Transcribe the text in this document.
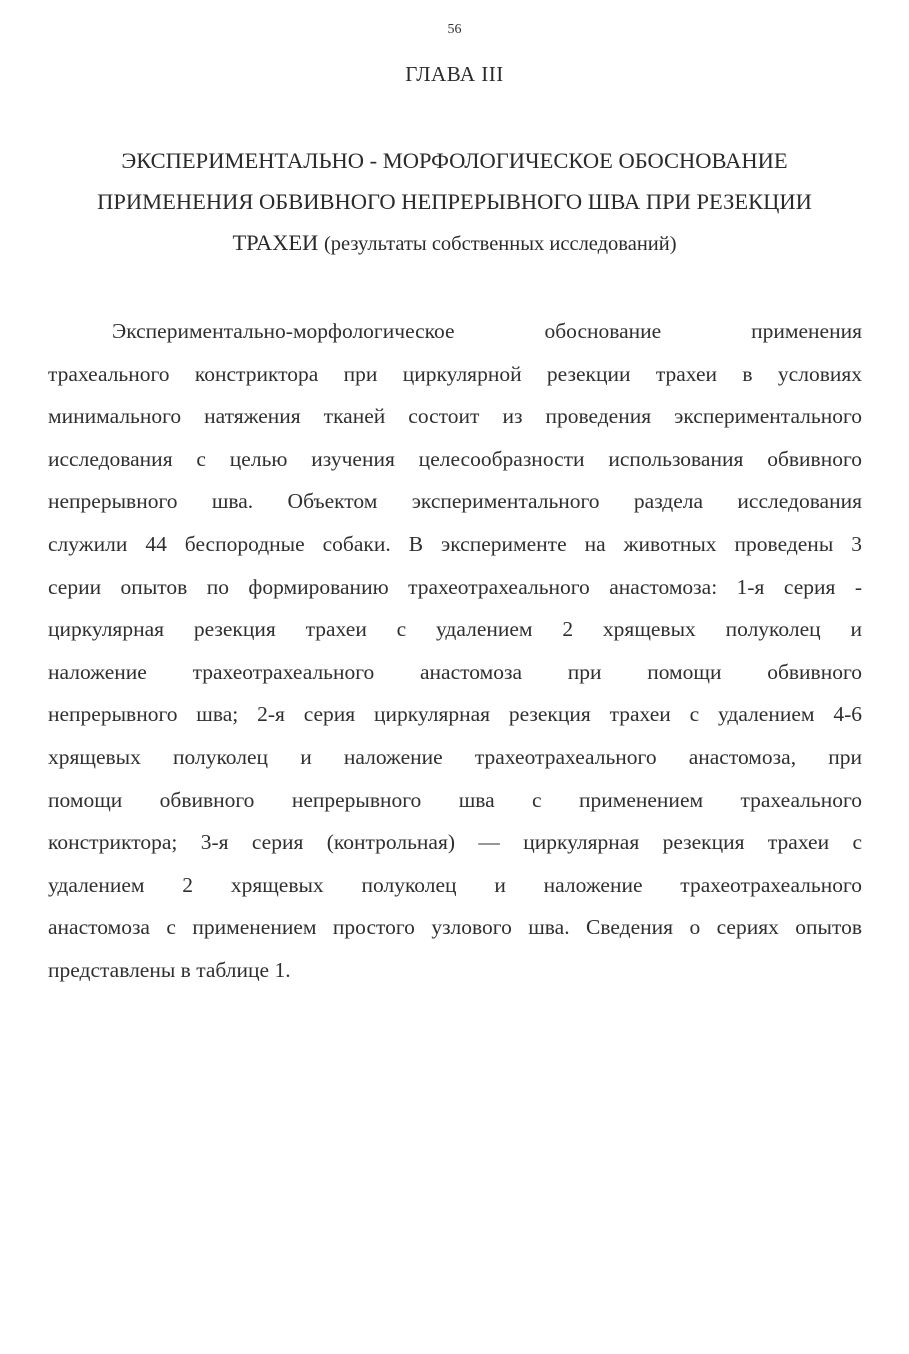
56
ГЛАВА III
ЭКСПЕРИМЕНТАЛЬНО - МОРФОЛОГИЧЕСКОЕ ОБОСНОВАНИЕ
ПРИМЕНЕНИЯ ОБВИВНОГО НЕПРЕРЫВНОГО ШВА ПРИ РЕЗЕКЦИИ
ТРАХЕИ (результаты собственных исследований)
Экспериментально-морфологическое обоснование применения
трахеального констриктора при циркулярной резекции трахеи в условиях
минимального натяжения тканей состоит из проведения экспериментального
исследования с целью изучения целесообразности использования обвивного
непрерывного шва. Объектом экспериментального раздела исследования
служили 44 беспородные собаки. В эксперименте на животных проведены 3
серии опытов по формированию трахеотрахеального анастомоза: 1-я серия -
циркулярная резекция трахеи с удалением 2 хрящевых полуколец и
наложение трахеотрахеального анастомоза при помощи обвивного
непрерывного шва; 2-я серия циркулярная резекция трахеи с удалением 4-6
хрящевых полуколец и наложение трахеотрахеального анастомоза, при
помощи обвивного непрерывного шва с применением трахеального
констриктора; 3-я серия (контрольная) — циркулярная резекция трахеи с
удалением 2 хрящевых полуколец и наложение трахеотрахеального
анастомоза с применением простого узлового шва. Сведения о сериях опытов
представлены в таблице 1.
